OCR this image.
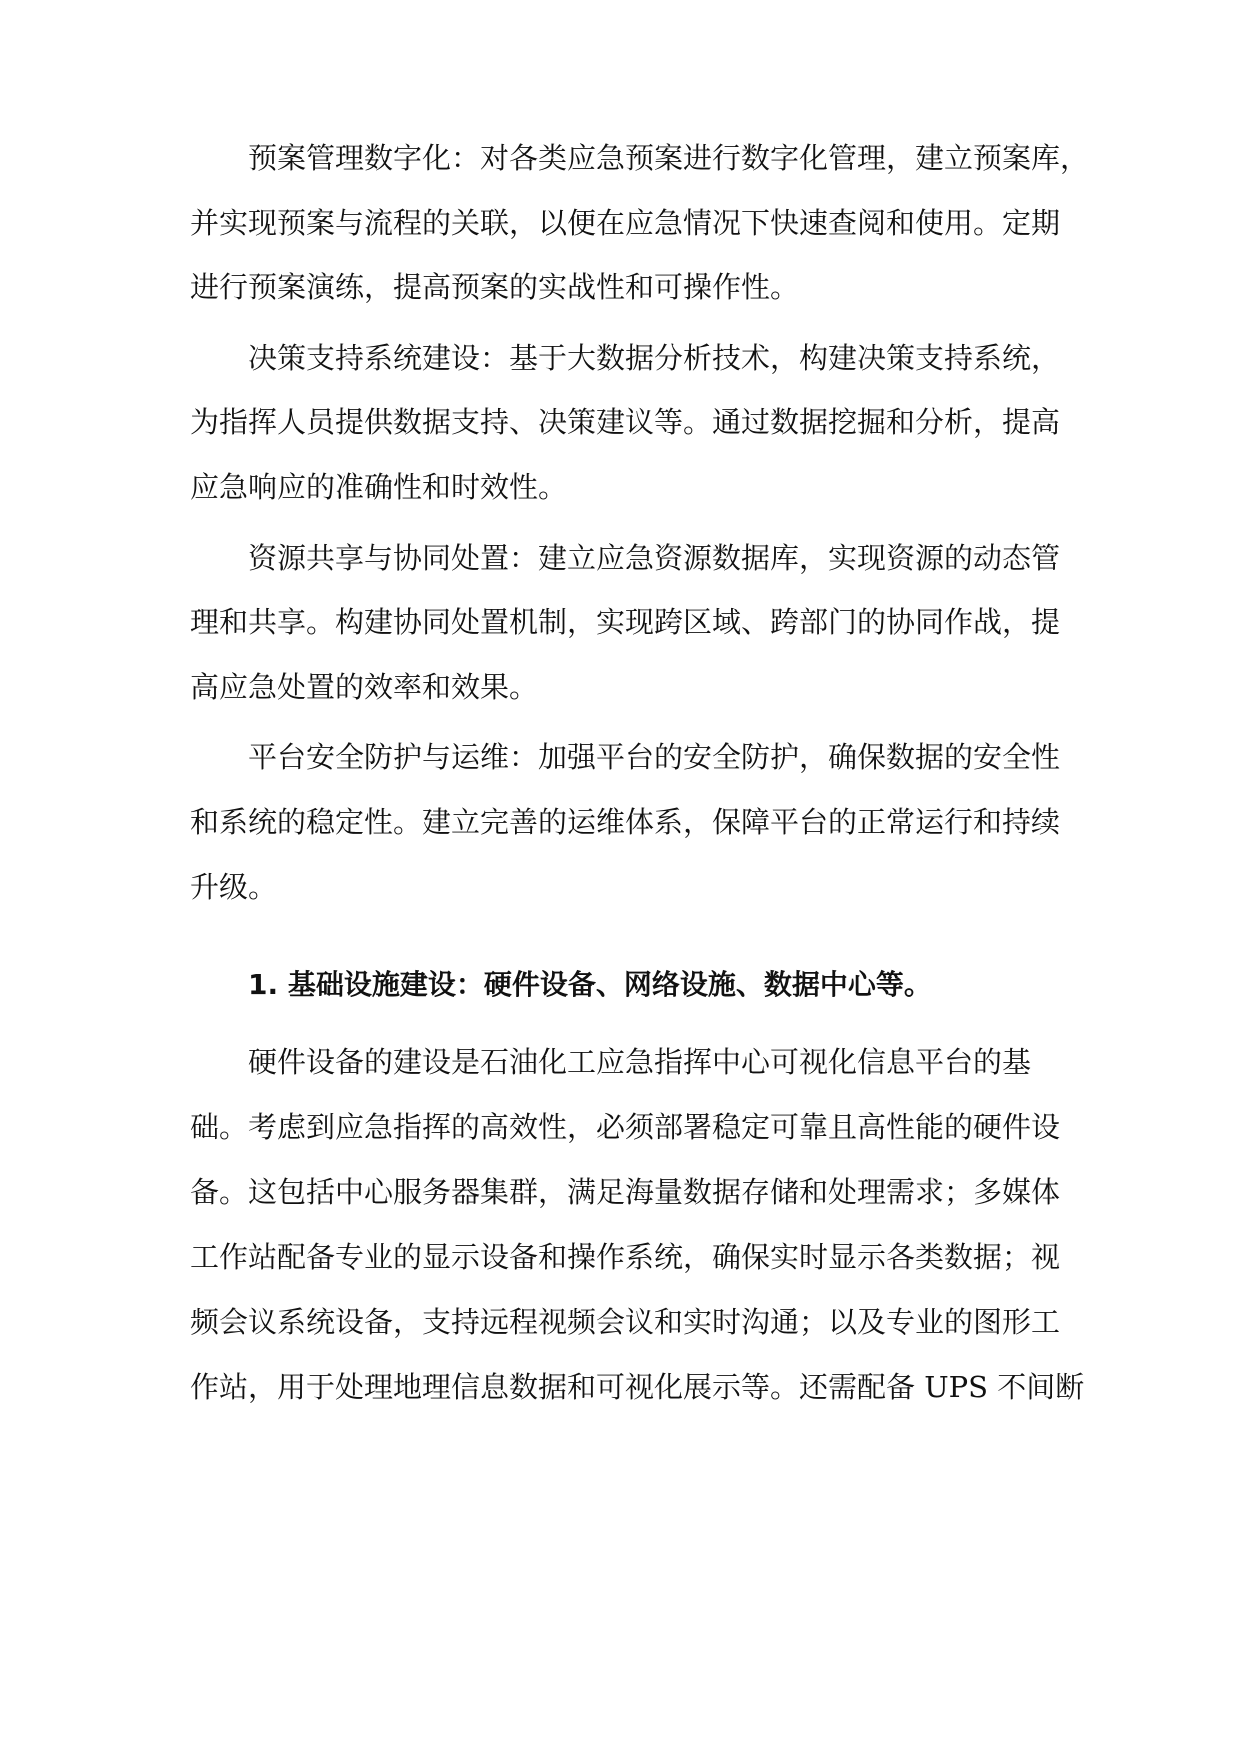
预案管理数字化：对各类应急预案进行数字化管理，建立预案库，
并实现预案与流程的关联，以便在应急情况下快速查阅和使用。定期
进行预案演练，提高预案的实战性和可操作性。
决策支持系统建设：基于大数据分析技术，构建决策支持系统，
为指挥人员提供数据支持、决策建议等。通过数据挖掘和分析，提高
应急响应的准确性和时效性。
资源共享与协同处置：建立应急资源数据库，实现资源的动态管
理和共享。构建协同处置机制，实现跨区域、跨部门的协同作战，提
高应急处置的效率和效果。
平台安全防护与运维：加强平台的安全防护，确保数据的安全性
和系统的稳定性。建立完善的运维体系，保障平台的正常运行和持续
升级。
1. 基础设施建设：硬件设备、网络设施、数据中心等。
硬件设备的建设是石油化工应急指挥中心可视化信息平台的基
础。考虑到应急指挥的高效性，必须部署稳定可靠且高性能的硬件设
备。这包括中心服务器集群，满足海量数据存储和处理需求；多媒体
工作站配备专业的显示设备和操作系统，确保实时显示各类数据；视
频会议系统设备，支持远程视频会议和实时沟通；以及专业的图形工
作站，用于处理地理信息数据和可视化展示等。还需配备 UPS 不间断
